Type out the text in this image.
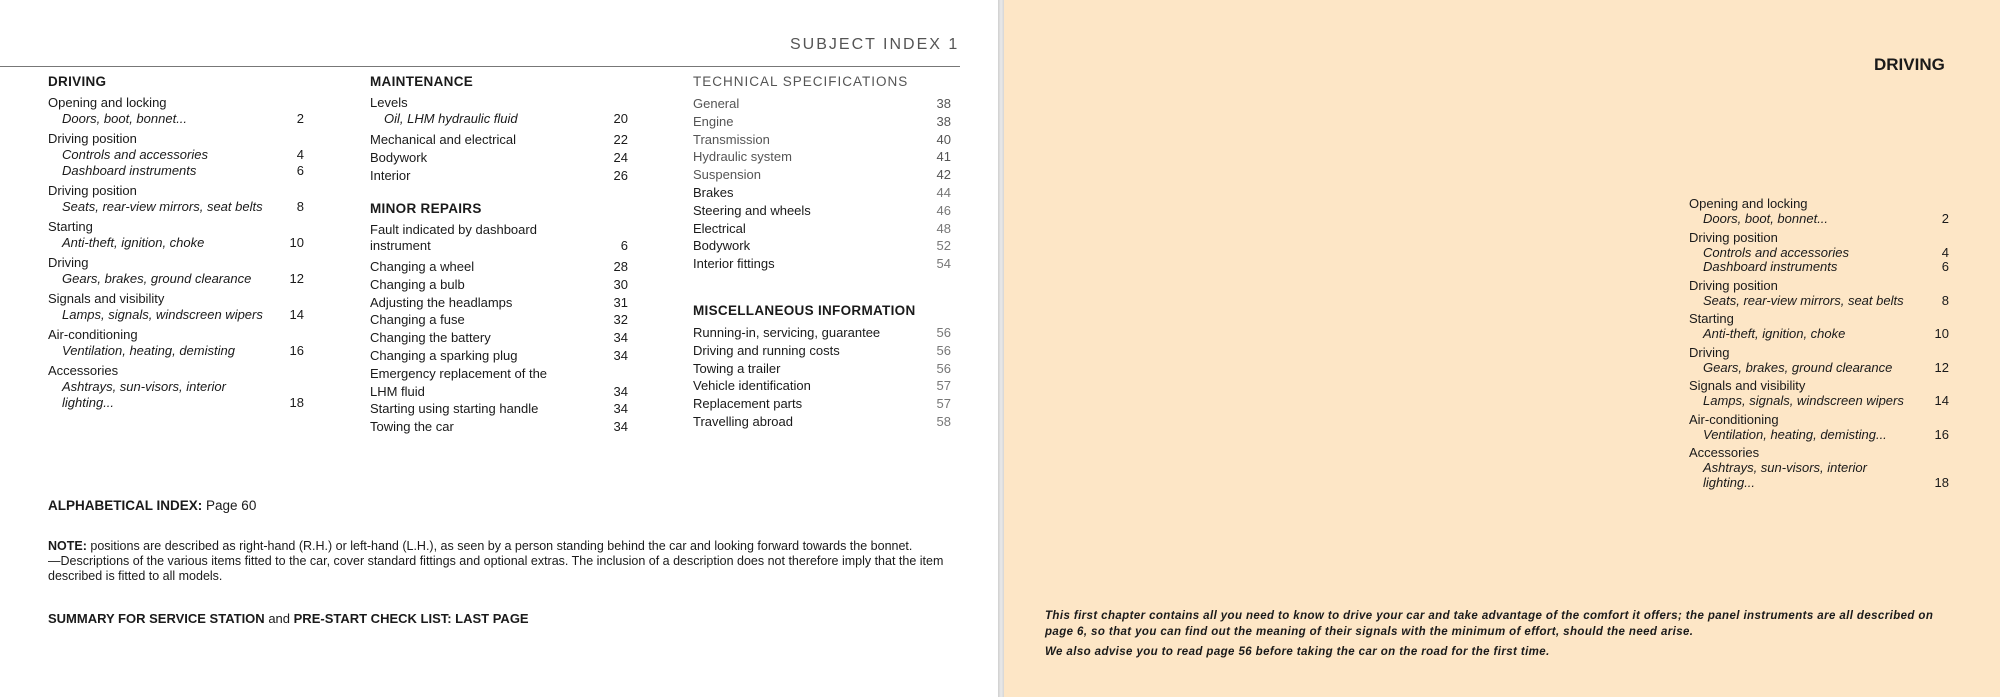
SUBJECT INDEX 1
DRIVING
Opening and locking
Doors, boot, bonnet...	2
Driving position
Controls and accessories	4
Dashboard instruments	6
Driving position
Seats, rear-view mirrors, seat belts	8
Starting
Anti-theft, ignition, choke	10
Driving
Gears, brakes, ground clearance	12
Signals and visibility
Lamps, signals, windscreen wipers	14
Air-conditioning
Ventilation, heating, demisting	16
Accessories
Ashtrays, sun-visors, interior
lighting...	18
MAINTENANCE
Levels
Oil, LHM hydraulic fluid	20
Mechanical and electrical	22
Bodywork	24
Interior	26
MINOR REPAIRS
Fault indicated by dashboard
instrument	6
Changing a wheel	28
Changing a bulb	30
Adjusting the headlamps	31
Changing a fuse	32
Changing the battery	34
Changing a sparking plug	34
Emergency replacement of the
LHM fluid	34
Starting using starting handle	34
Towing the car	34
TECHNICAL SPECIFICATIONS
General	38
Engine	38
Transmission	40
Hydraulic system	41
Suspension	42
Brakes	44
Steering and wheels	46
Electrical	48
Bodywork	52
Interior fittings	54
MISCELLANEOUS INFORMATION
Running-in, servicing, guarantee	56
Driving and running costs	56
Towing a trailer	56
Vehicle identification	57
Replacement parts	57
Travelling abroad	58
ALPHABETICAL INDEX: Page 60
NOTE: positions are described as right-hand (R.H.) or left-hand (L.H.), as seen by a person standing behind the car and looking forward towards the bonnet.
—Descriptions of the various items fitted to the car, cover standard fittings and optional extras. The inclusion of a description does not therefore imply that the item described is fitted to all models.
SUMMARY FOR SERVICE STATION and PRE-START CHECK LIST: LAST PAGE
DRIVING
Opening and locking
Doors, boot, bonnet...	2
Driving position
Controls and accessories	4
Dashboard instruments	6
Driving position
Seats, rear-view mirrors, seat belts	8
Starting
Anti-theft, ignition, choke	10
Driving
Gears, brakes, ground clearance	12
Signals and visibility
Lamps, signals, windscreen wipers	14
Air-conditioning
Ventilation, heating, demisting...	16
Accessories
Ashtrays, sun-visors, interior
lighting...	18
This first chapter contains all you need to know to drive your car and take advantage of the comfort it offers; the panel instruments are all described on page 6, so that you can find out the meaning of their signals with the minimum of effort, should the need arise.
We also advise you to read page 56 before taking the car on the road for the first time.
